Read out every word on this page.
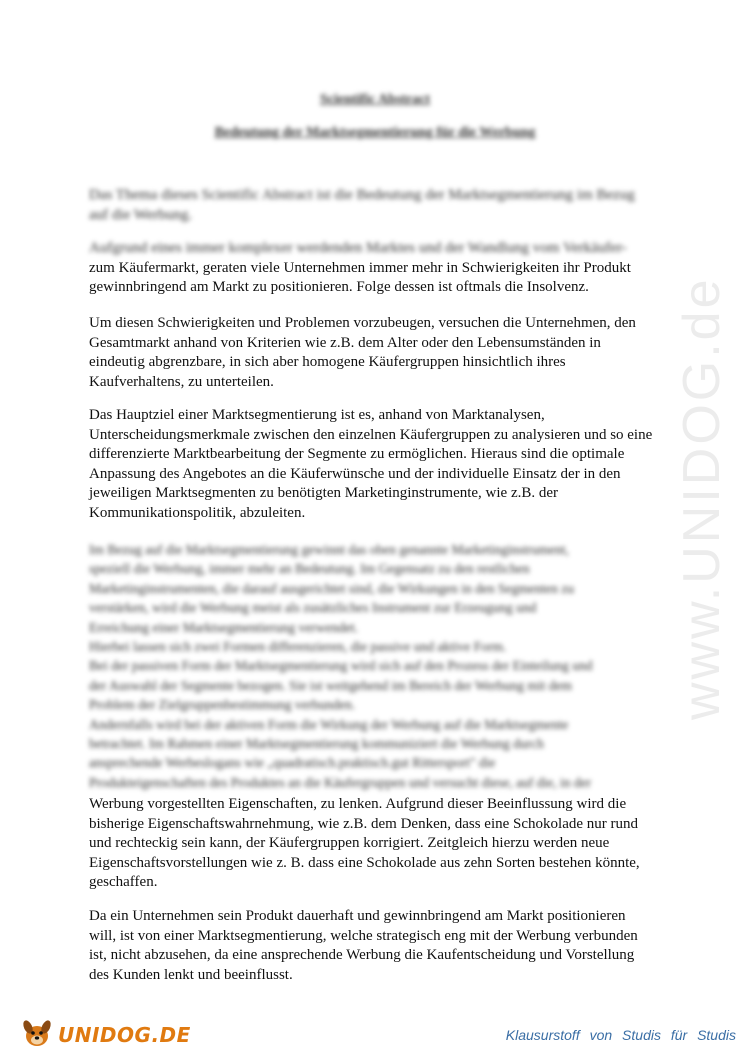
www.UNIDOG.de
Scientific Abstract
Bedeutung der Marktsegmentierung für die Werbung
Das Thema dieses Scientific Abstract ist die Bedeutung der Marktsegmentierung im Bezug
auf die Werbung.
Aufgrund eines immer komplexer werdenden Marktes und der Wandlung vom Verkäufer-
zum Käufermarkt, geraten viele Unternehmen immer mehr in Schwierigkeiten ihr Produkt
gewinnbringend am Markt zu positionieren. Folge dessen ist oftmals die Insolvenz.
Um diesen Schwierigkeiten und Problemen vorzubeugen, versuchen die Unternehmen, den
Gesamtmarkt anhand von Kriterien wie z.B. dem Alter oder den Lebensumständen in
eindeutig abgrenzbare, in sich aber homogene Käufergruppen hinsichtlich ihres
Kaufverhaltens, zu unterteilen.
Das Hauptziel einer Marktsegmentierung ist es, anhand von Marktanalysen,
Unterscheidungsmerkmale zwischen den einzelnen Käufergruppen zu analysieren und so eine
differenzierte Marktbearbeitung der Segmente zu ermöglichen. Hieraus sind die optimale
Anpassung des Angebotes an die Käuferwünsche und der individuelle Einsatz der in den
jeweiligen Marktsegmenten zu benötigten Marketinginstrumente, wie z.B. der
Kommunikationspolitik, abzuleiten.
Im Bezug auf die Marktsegmentierung gewinnt das oben genannte Marketinginstrument,
speziell die Werbung, immer mehr an Bedeutung. Im Gegensatz zu den restlichen
Marketinginstrumenten, die darauf ausgerichtet sind, die Wirkungen in den Segmenten zu
verstärken, wird die Werbung meist als zusätzliches Instrument zur Erzeugung und
Erreichung einer Marktsegmentierung verwendet.
Hierbei lassen sich zwei Formen differenzieren, die passive und aktive Form.
Bei der passiven Form der Marktsegmentierung wird sich auf den Prozess der Einteilung und
der Auswahl der Segmente bezogen. Sie ist weitgehend im Bereich der Werbung mit dem
Problem der Zielgruppenbestimmung verbunden.
Andernfalls wird bei der aktiven Form die Wirkung der Werbung auf die Marktsegmente
betrachtet. Im Rahmen einer Marktsegmentierung kommuniziert die Werbung durch
ansprechende Werbeslogans wie „quadratisch.praktisch.gut Rittersport" die
Produkteigenschaften des Produktes an die Käufergruppen und versucht diese, auf die, in der
Werbung vorgestellten Eigenschaften, zu lenken. Aufgrund dieser Beeinflussung wird die
bisherige Eigenschaftswahrnehmung, wie z.B. dem Denken, dass eine Schokolade nur rund
und rechteckig sein kann, der Käufergruppen korrigiert. Zeitgleich hierzu werden neue
Eigenschaftsvorstellungen wie z. B. dass eine Schokolade aus zehn Sorten bestehen könnte,
geschaffen.
Da ein Unternehmen sein Produkt dauerhaft und gewinnbringend am Markt positionieren
will, ist von einer Marktsegmentierung, welche strategisch eng mit der Werbung verbunden
ist, nicht abzusehen, da eine ansprechende Werbung die Kaufentscheidung und Vorstellung
des Kunden lenkt und beeinflusst.
UNIDOG.DE	Klausurstoff von Studis für Studis
